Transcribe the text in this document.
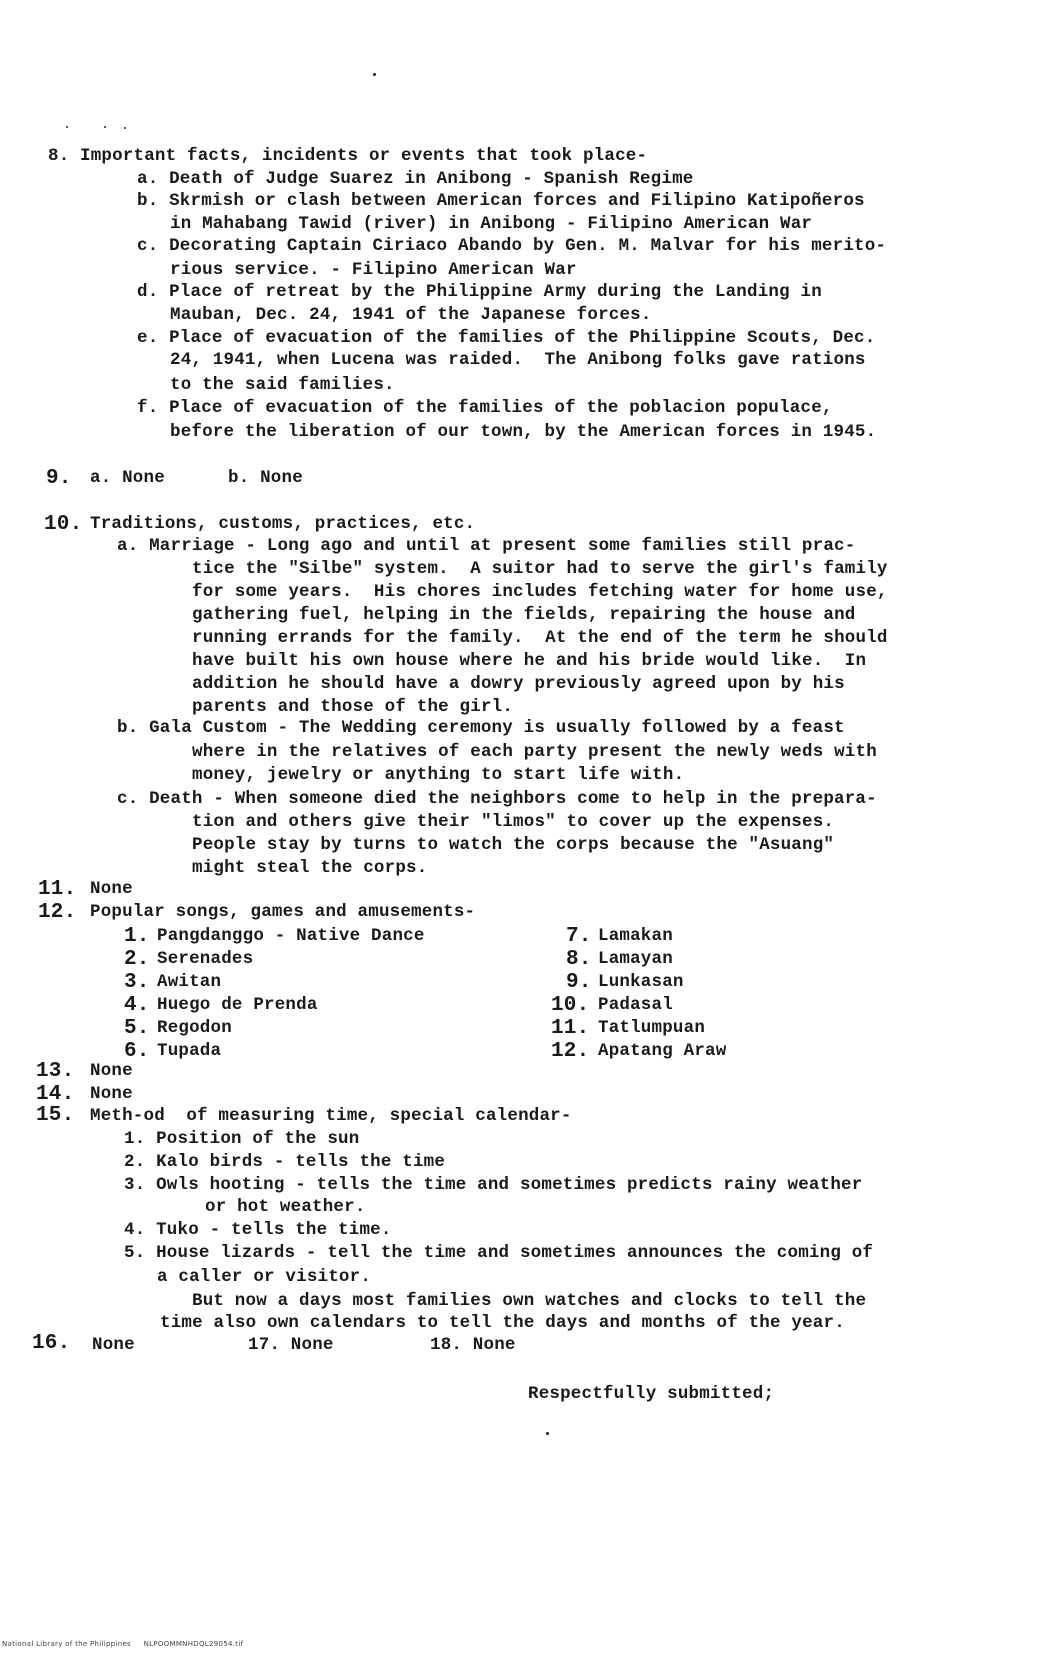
8. Important facts, incidents or events that took place-
a. Death of Judge Suarez in Anibong - Spanish Regime
b. Skrmish or clash between American forces and Filipino Katipoñeros
in Mahabang Tawid (river) in Anibong - Filipino American War
c. Decorating Captain Ciriaco Abando by Gen. M. Malvar for his merito-
rious service. - Filipino American War
d. Place of retreat by the Philippine Army during the Landing in
Mauban, Dec. 24, 1941 of the Japanese forces.
e. Place of evacuation of the families of the Philippine Scouts, Dec.
24, 1941, when Lucena was raided.  The Anibong folks gave rations
to the said families.
f. Place of evacuation of the families of the poblacion populace,
before the liberation of our town, by the American forces in 1945.
9. a. None	b. None
10. Traditions, customs, practices, etc.
a. Marriage - Long ago and until at present some families still prac-
tice the "Silbe" system.  A suitor had to serve the girl's family
for some years.  His chores includes fetching water for home use,
gathering fuel, helping in the fields, repairing the house and
running errands for the family.  At the end of the term he should
have built his own house where he and his bride would like.  In
addition he should have a dowry previously agreed upon by his
parents and those of the girl.
b. Gala Custom - The Wedding ceremony is usually followed by a feast
where in the relatives of each party present the newly weds with
money, jewelry or anything to start life with.
c. Death - When someone died the neighbors come to help in the prepara-
tion and others give their "limos" to cover up the expenses.
People stay by turns to watch the corps because the "Asuang"
might steal the corps.
11. None
12. Popular songs, games and amusements-
1. Pangdanggo - Native Dance
2. Serenades
3. Awitan
4. Huego de Prenda
5. Regodon
6. Tupada
7. Lamakan
8. Lamayan
9. Lunkasan
10. Padasal
11. Tatlumpuan
12. Apatang Araw
13. None
14. None
15. Meth-od  of measuring time, special calendar-
1. Position of the sun
2. Kalo birds - tells the time
3. Owls hooting - tells the time and sometimes predicts rainy weather
or hot weather.
4. Tuko - tells the time.
5. House lizards - tell the time and sometimes announces the coming of
a caller or visitor.
But now a days most families own watches and clocks to tell the
time also own calendars to tell the days and months of the year.
16. None	17. None	18. None
Respectfully submitted;
National Library of the Philippines     NLPOOMMNHDQL29054.tif
